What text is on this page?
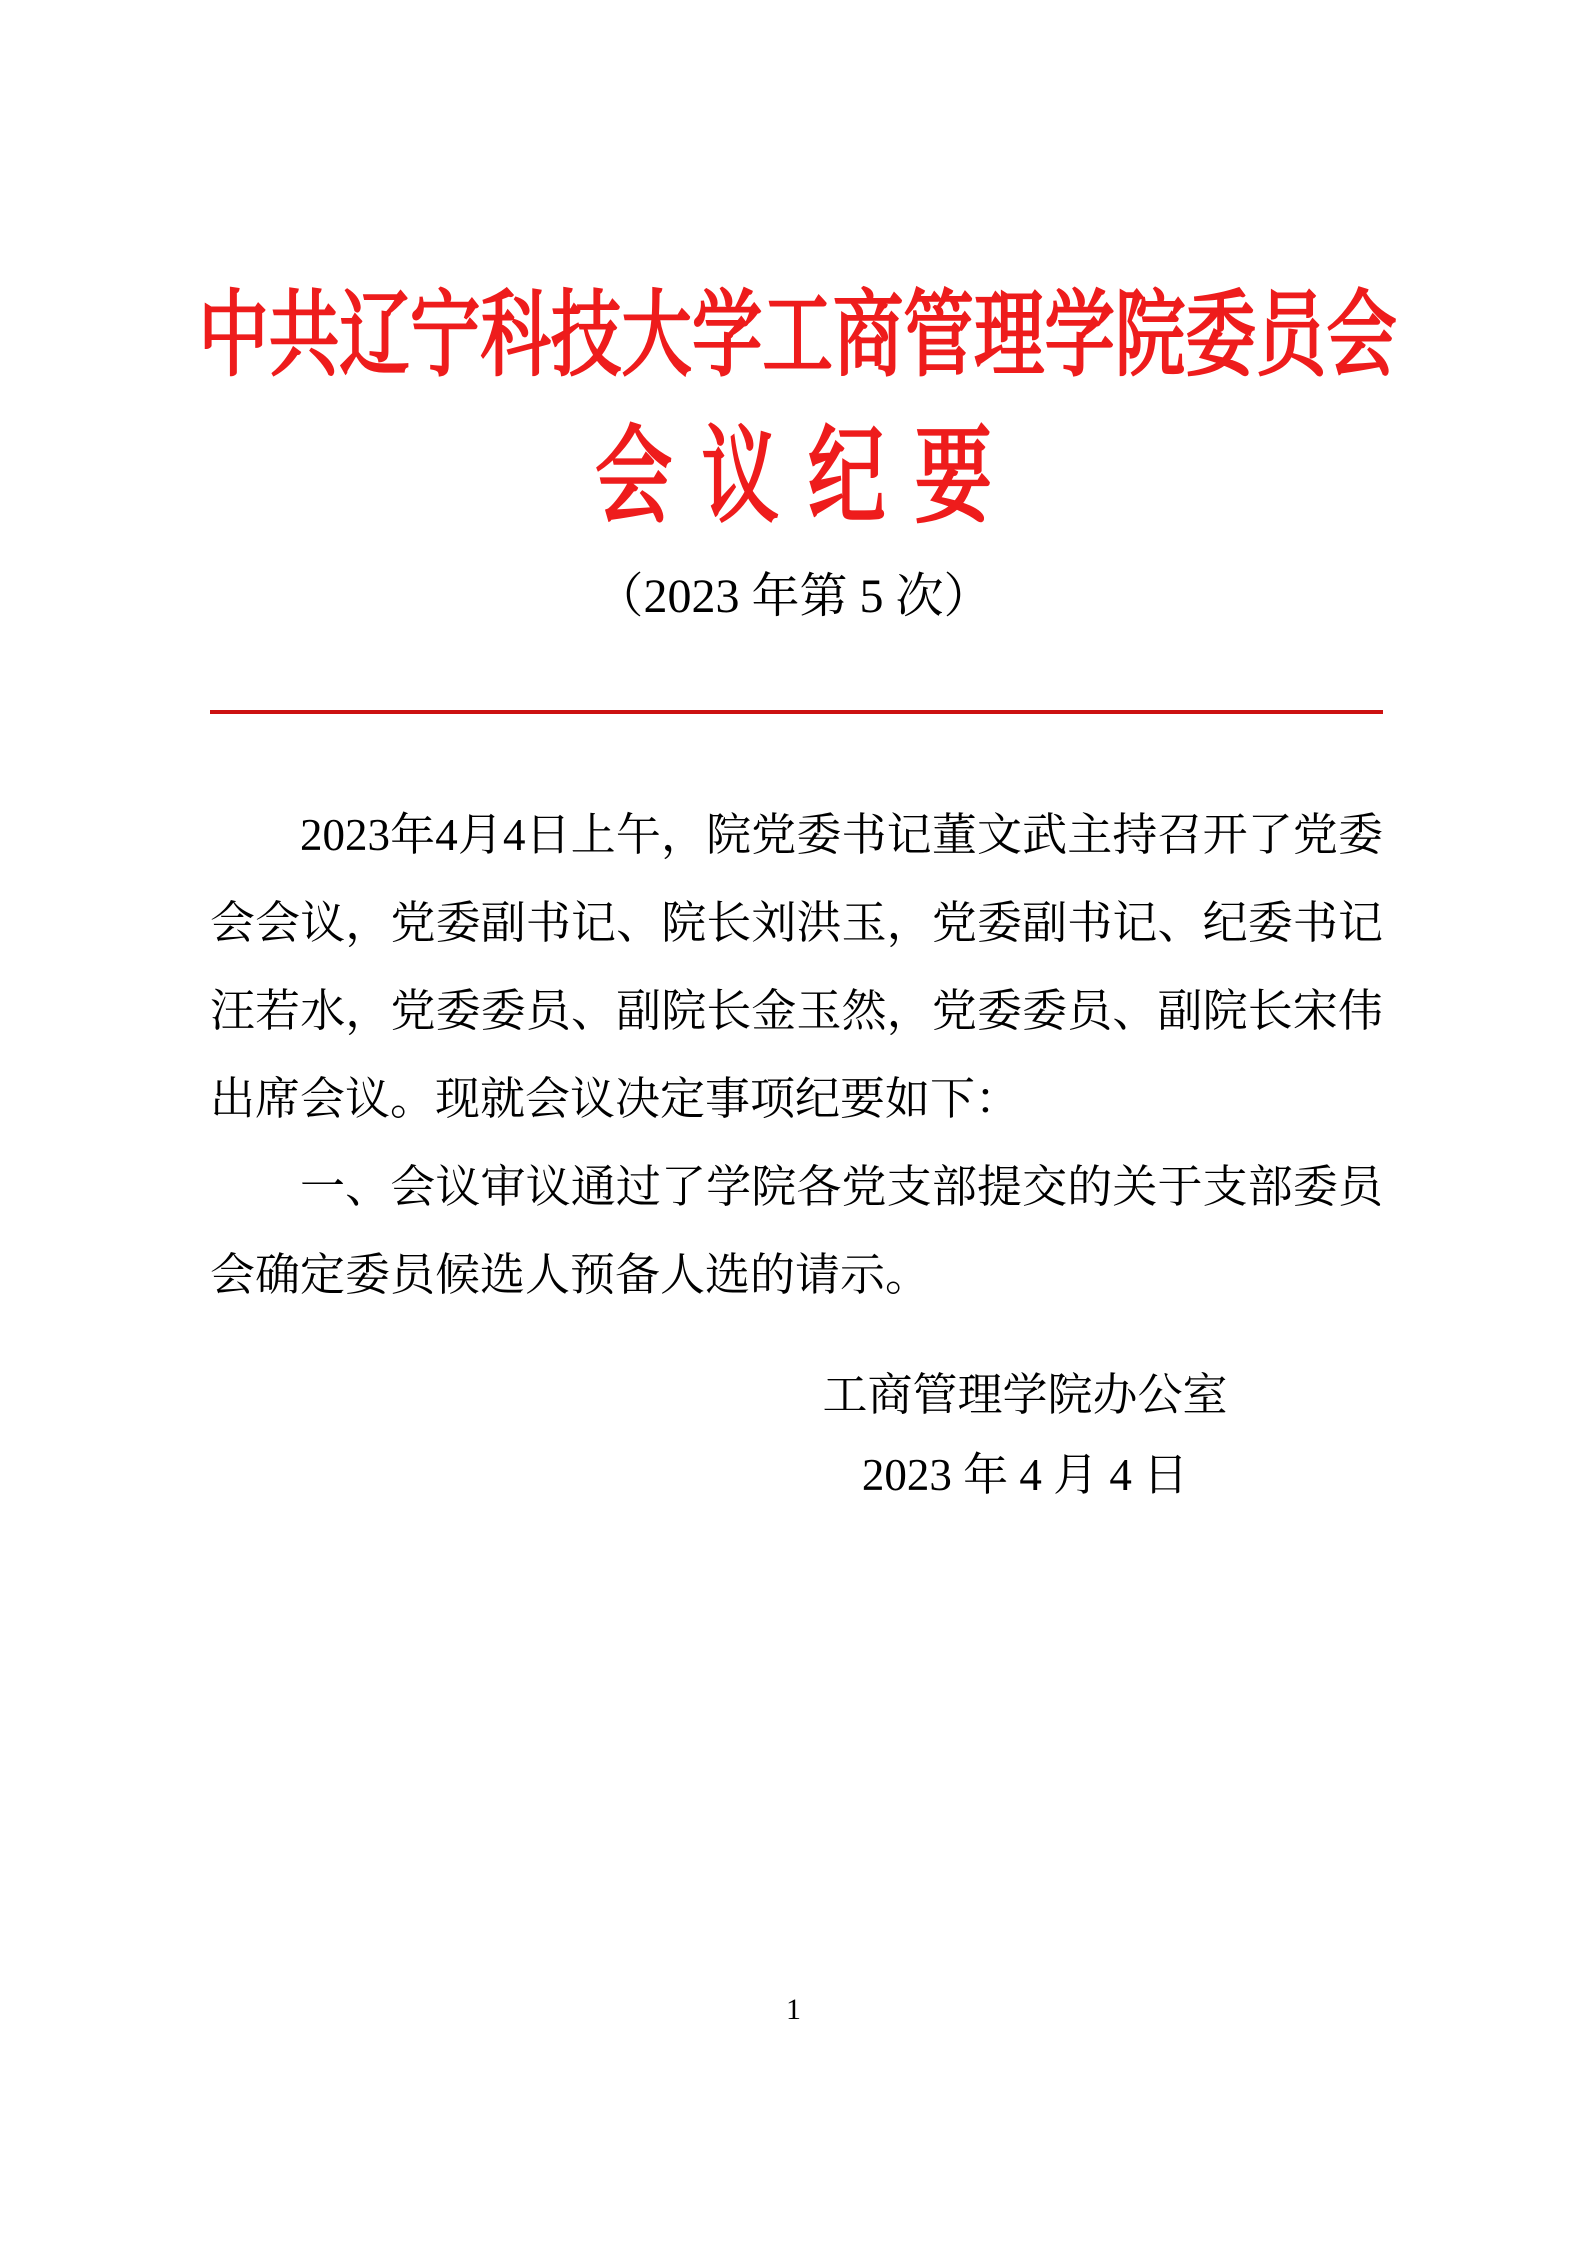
中共辽宁科技大学工商管理学院委员会
会议纪要
（2023 年第 5 次）

2023年4月4日上午，院党委书记董文武主持召开了党委会会议，党委副书记、院长刘洪玉，党委副书记、纪委书记汪若水，党委委员、副院长金玉然，党委委员、副院长宋伟出席会议。现就会议决定事项纪要如下：

一、会议审议通过了学院各党支部提交的关于支部委员会确定委员候选人预备人选的请示。

工商管理学院办公室
2023 年 4 月 4 日
1
